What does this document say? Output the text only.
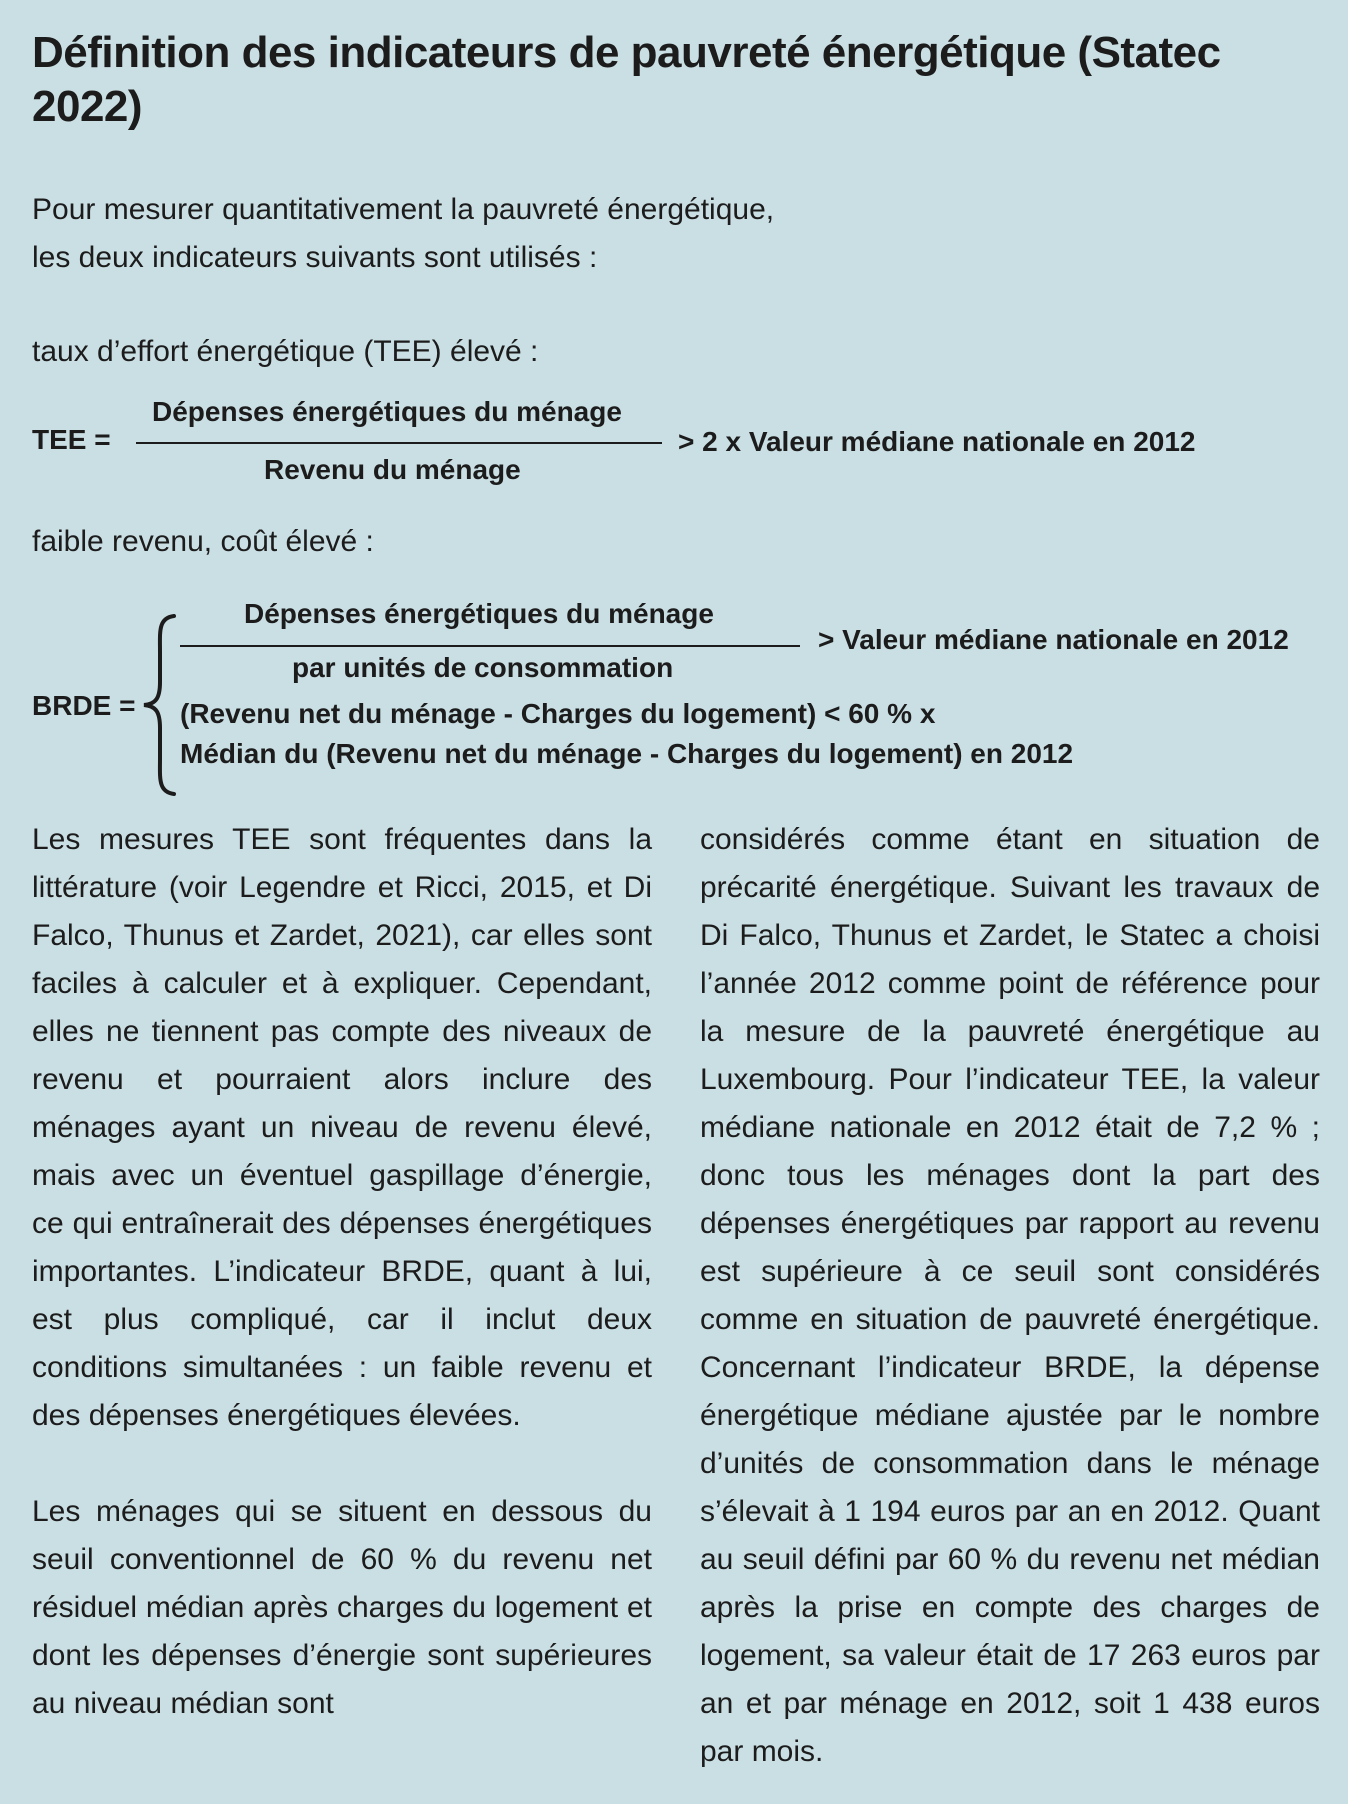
Définition des indicateurs de pauvreté énergétique (Statec 2022)
Pour mesurer quantitativement la pauvreté énergétique,
les deux indicateurs suivants sont utilisés :
taux d’effort énergétique (TEE) élevé :
TEE =
Dépenses énergétiques du ménage
Revenu du ménage
> 2 x Valeur médiane nationale en 2012
faible revenu, coût élevé :
BRDE =
Dépenses énergétiques du ménage
par unités de consommation
> Valeur médiane nationale en 2012
(Revenu net du ménage - Charges du logement) < 60 % x
Médian du (Revenu net du ménage - Charges du logement) en 2012

Les mesures TEE sont fréquentes dans la littérature (voir Legendre et Ricci, 2015, et Di Falco, Thunus et Zardet, 2021), car elles sont faciles à calculer et à expliquer. Cependant, elles ne tiennent pas compte des niveaux de revenu et pourraient alors inclure des ménages ayant un niveau de revenu élevé, mais avec un éventuel gaspillage d’énergie, ce qui entraînerait des dépenses énergétiques importantes. L’indicateur BRDE, quant à lui, est plus compliqué, car il inclut deux conditions simultanées : un faible revenu et des dépenses énergétiques élevées.

Les ménages qui se situent en dessous du seuil conventionnel de 60 % du revenu net résiduel médian après charges du logement et dont les dépenses d’énergie sont supérieures au niveau médian sont

considérés comme étant en situation de précarité énergétique. Suivant les travaux de Di Falco, Thunus et Zardet, le Statec a choisi l’année 2012 comme point de référence pour la mesure de la pauvreté énergétique au Luxembourg. Pour l’indicateur TEE, la valeur médiane nationale en 2012 était de 7,2 % ; donc tous les ménages dont la part des dépenses énergétiques par rapport au revenu est supérieure à ce seuil sont considérés comme en situation de pauvreté énergétique. Concernant l’indicateur BRDE, la dépense énergétique médiane ajustée par le nombre d’unités de consommation dans le ménage s’élevait à 1 194 euros par an en 2012. Quant au seuil défini par 60 % du revenu net médian après la prise en compte des charges de logement, sa valeur était de 17 263 euros par an et par ménage en 2012, soit 1 438 euros par mois.
